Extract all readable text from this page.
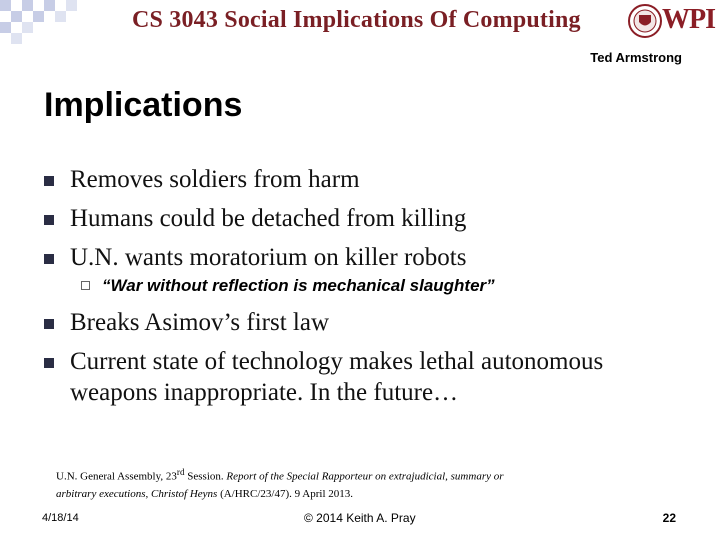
CS 3043 Social Implications Of Computing	WPI
Ted Armstrong
Implications
Removes soldiers from harm
Humans could be detached from killing
U.N. wants moratorium on killer robots
“War without reflection is mechanical slaughter”
Breaks Asimov’s first law
Current state of technology makes lethal autonomous weapons inappropriate. In the future…
U.N. General Assembly, 23rd Session. Report of the Special Rapporteur on extrajudicial, summary or arbitrary executions, Christof Heyns (A/HRC/23/47). 9 April 2013.
4/18/14	© 2014 Keith A. Pray	22
